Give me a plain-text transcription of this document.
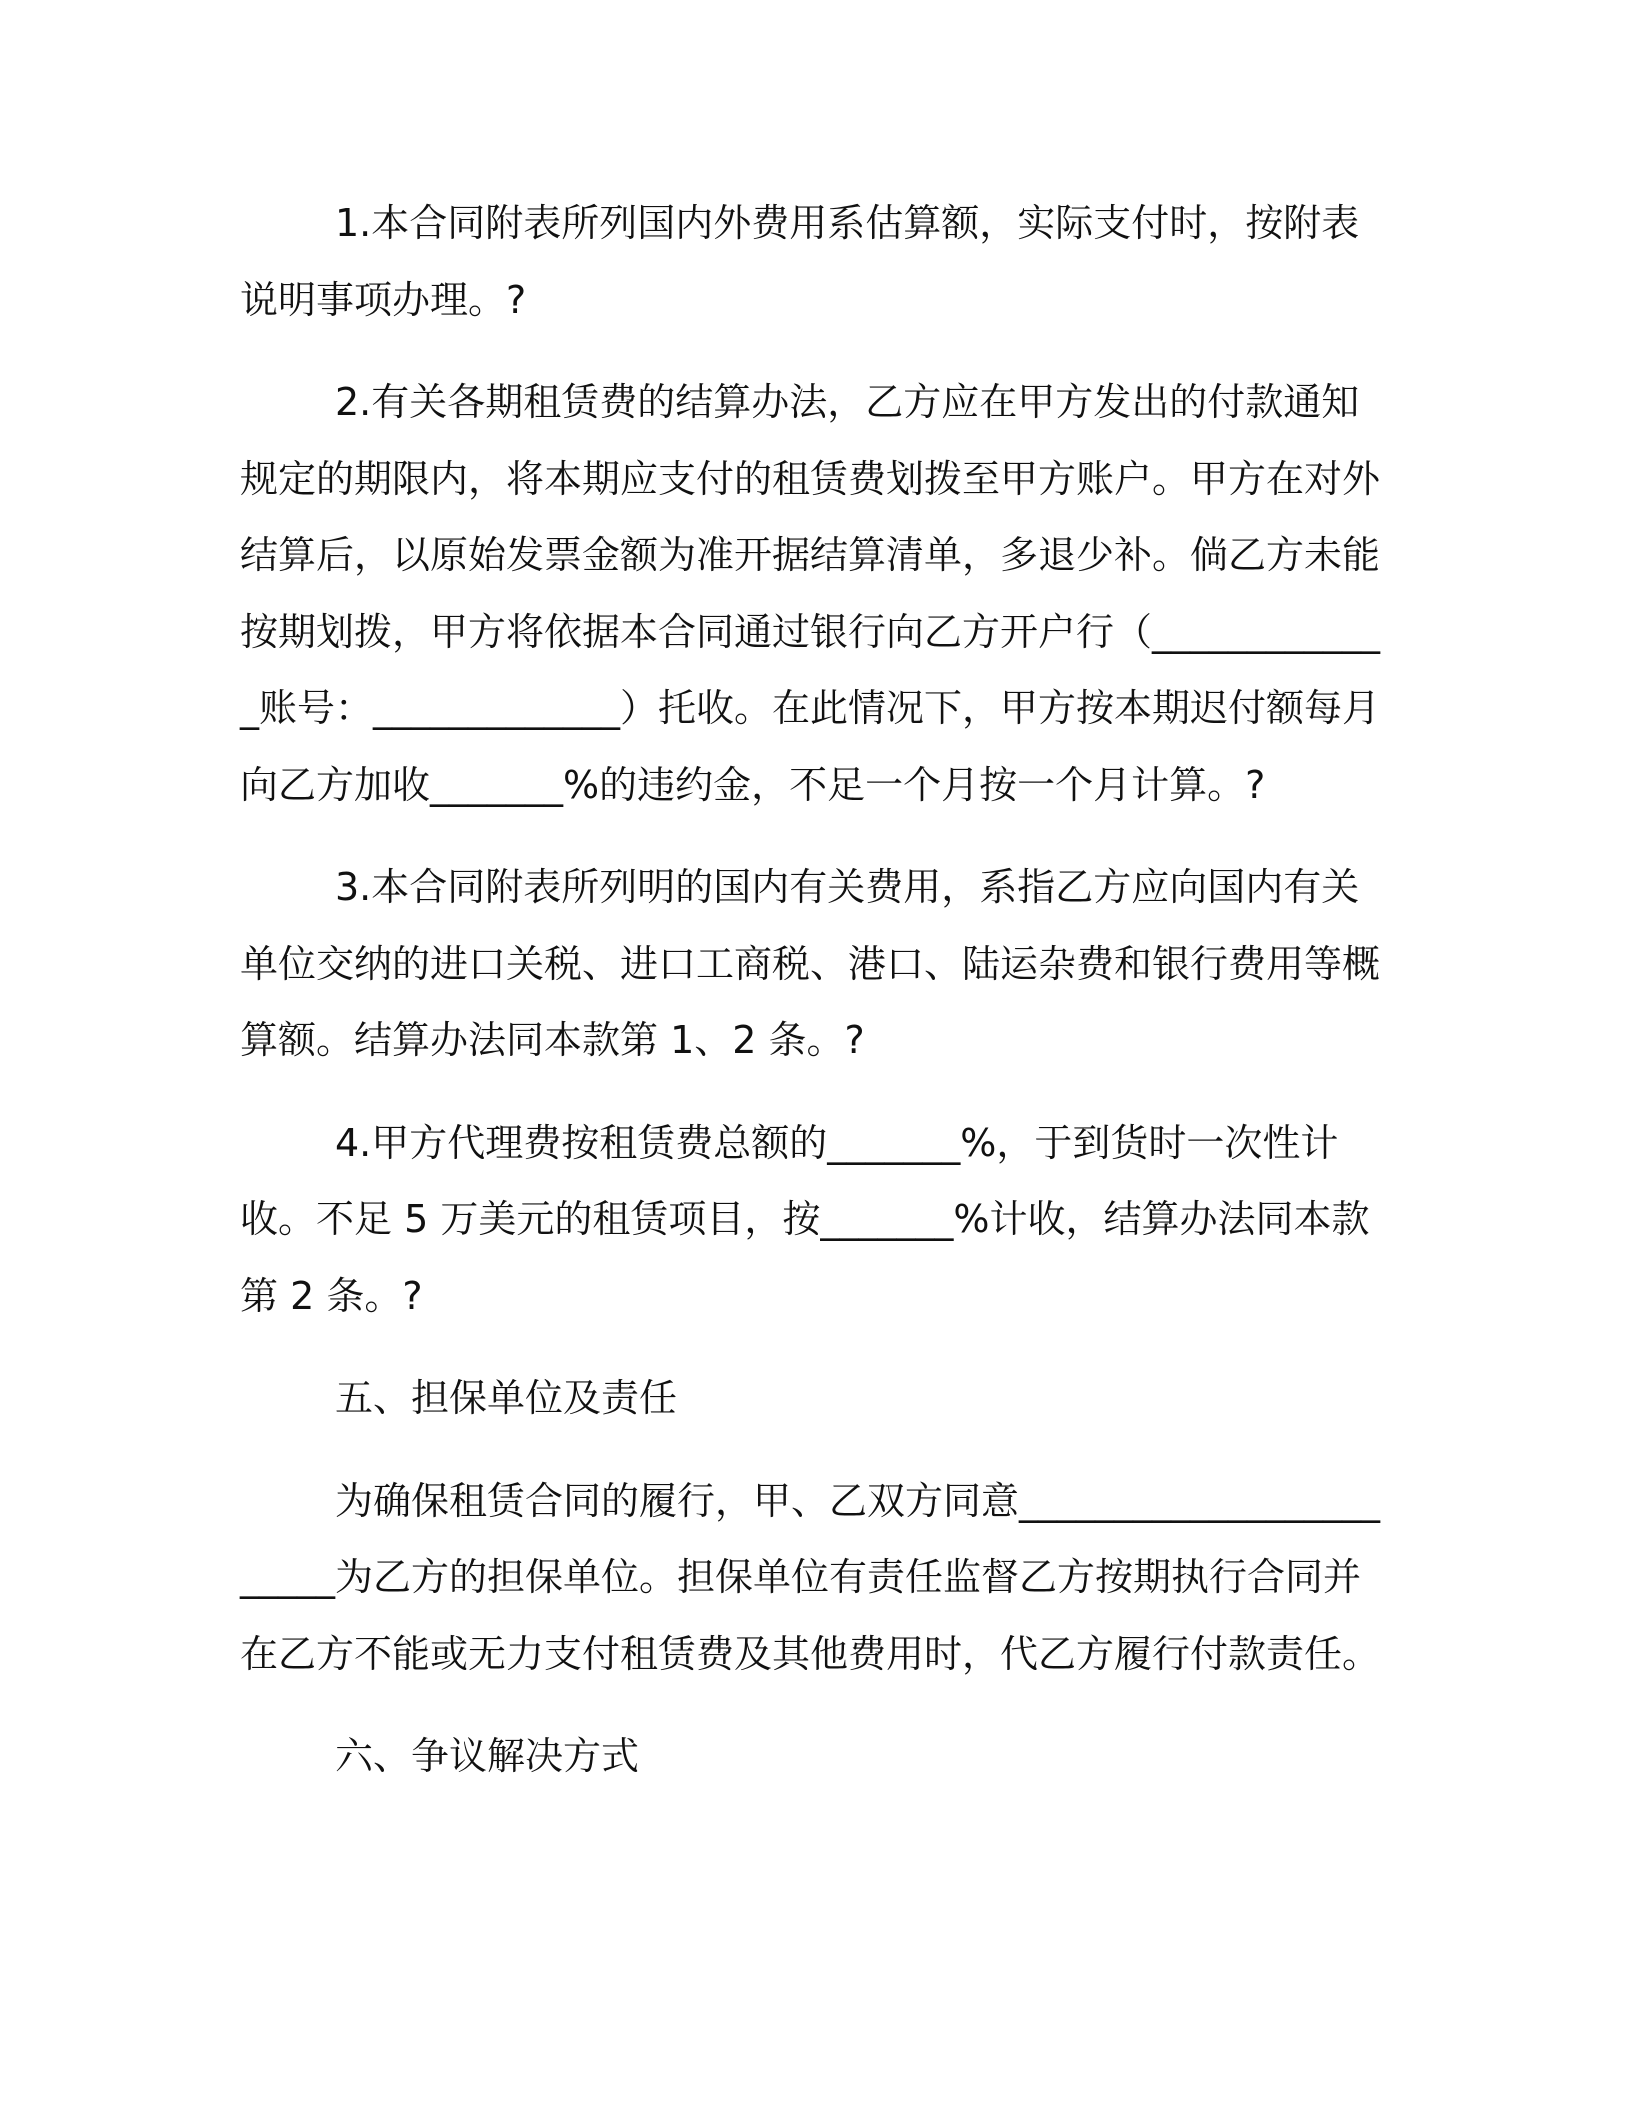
1.本合同附表所列国内外费用系估算额，实际支付时，按附表说明事项办理。?

2.有关各期租赁费的结算办法，乙方应在甲方发出的付款通知规定的期限内，将本期应支付的租赁费划拨至甲方账户。甲方在对外结算后，以原始发票金额为准开据结算清单，多退少补。倘乙方未能按期划拨，甲方将依据本合同通过银行向乙方开户行（_____________账号：_____________）托收。在此情况下，甲方按本期迟付额每月向乙方加收_______%的违约金，不足一个月按一个月计算。?

3.本合同附表所列明的国内有关费用，系指乙方应向国内有关单位交纳的进口关税、进口工商税、港口、陆运杂费和银行费用等概算额。结算办法同本款第 1、2 条。?

4.甲方代理费按租赁费总额的_______%，于到货时一次性计收。不足 5 万美元的租赁项目，按_______%计收，结算办法同本款第 2 条。?

五、担保单位及责任

为确保租赁合同的履行，甲、乙双方同意________________________为乙方的担保单位。担保单位有责任监督乙方按期执行合同并在乙方不能或无力支付租赁费及其他费用时，代乙方履行付款责任。

六、争议解决方式
